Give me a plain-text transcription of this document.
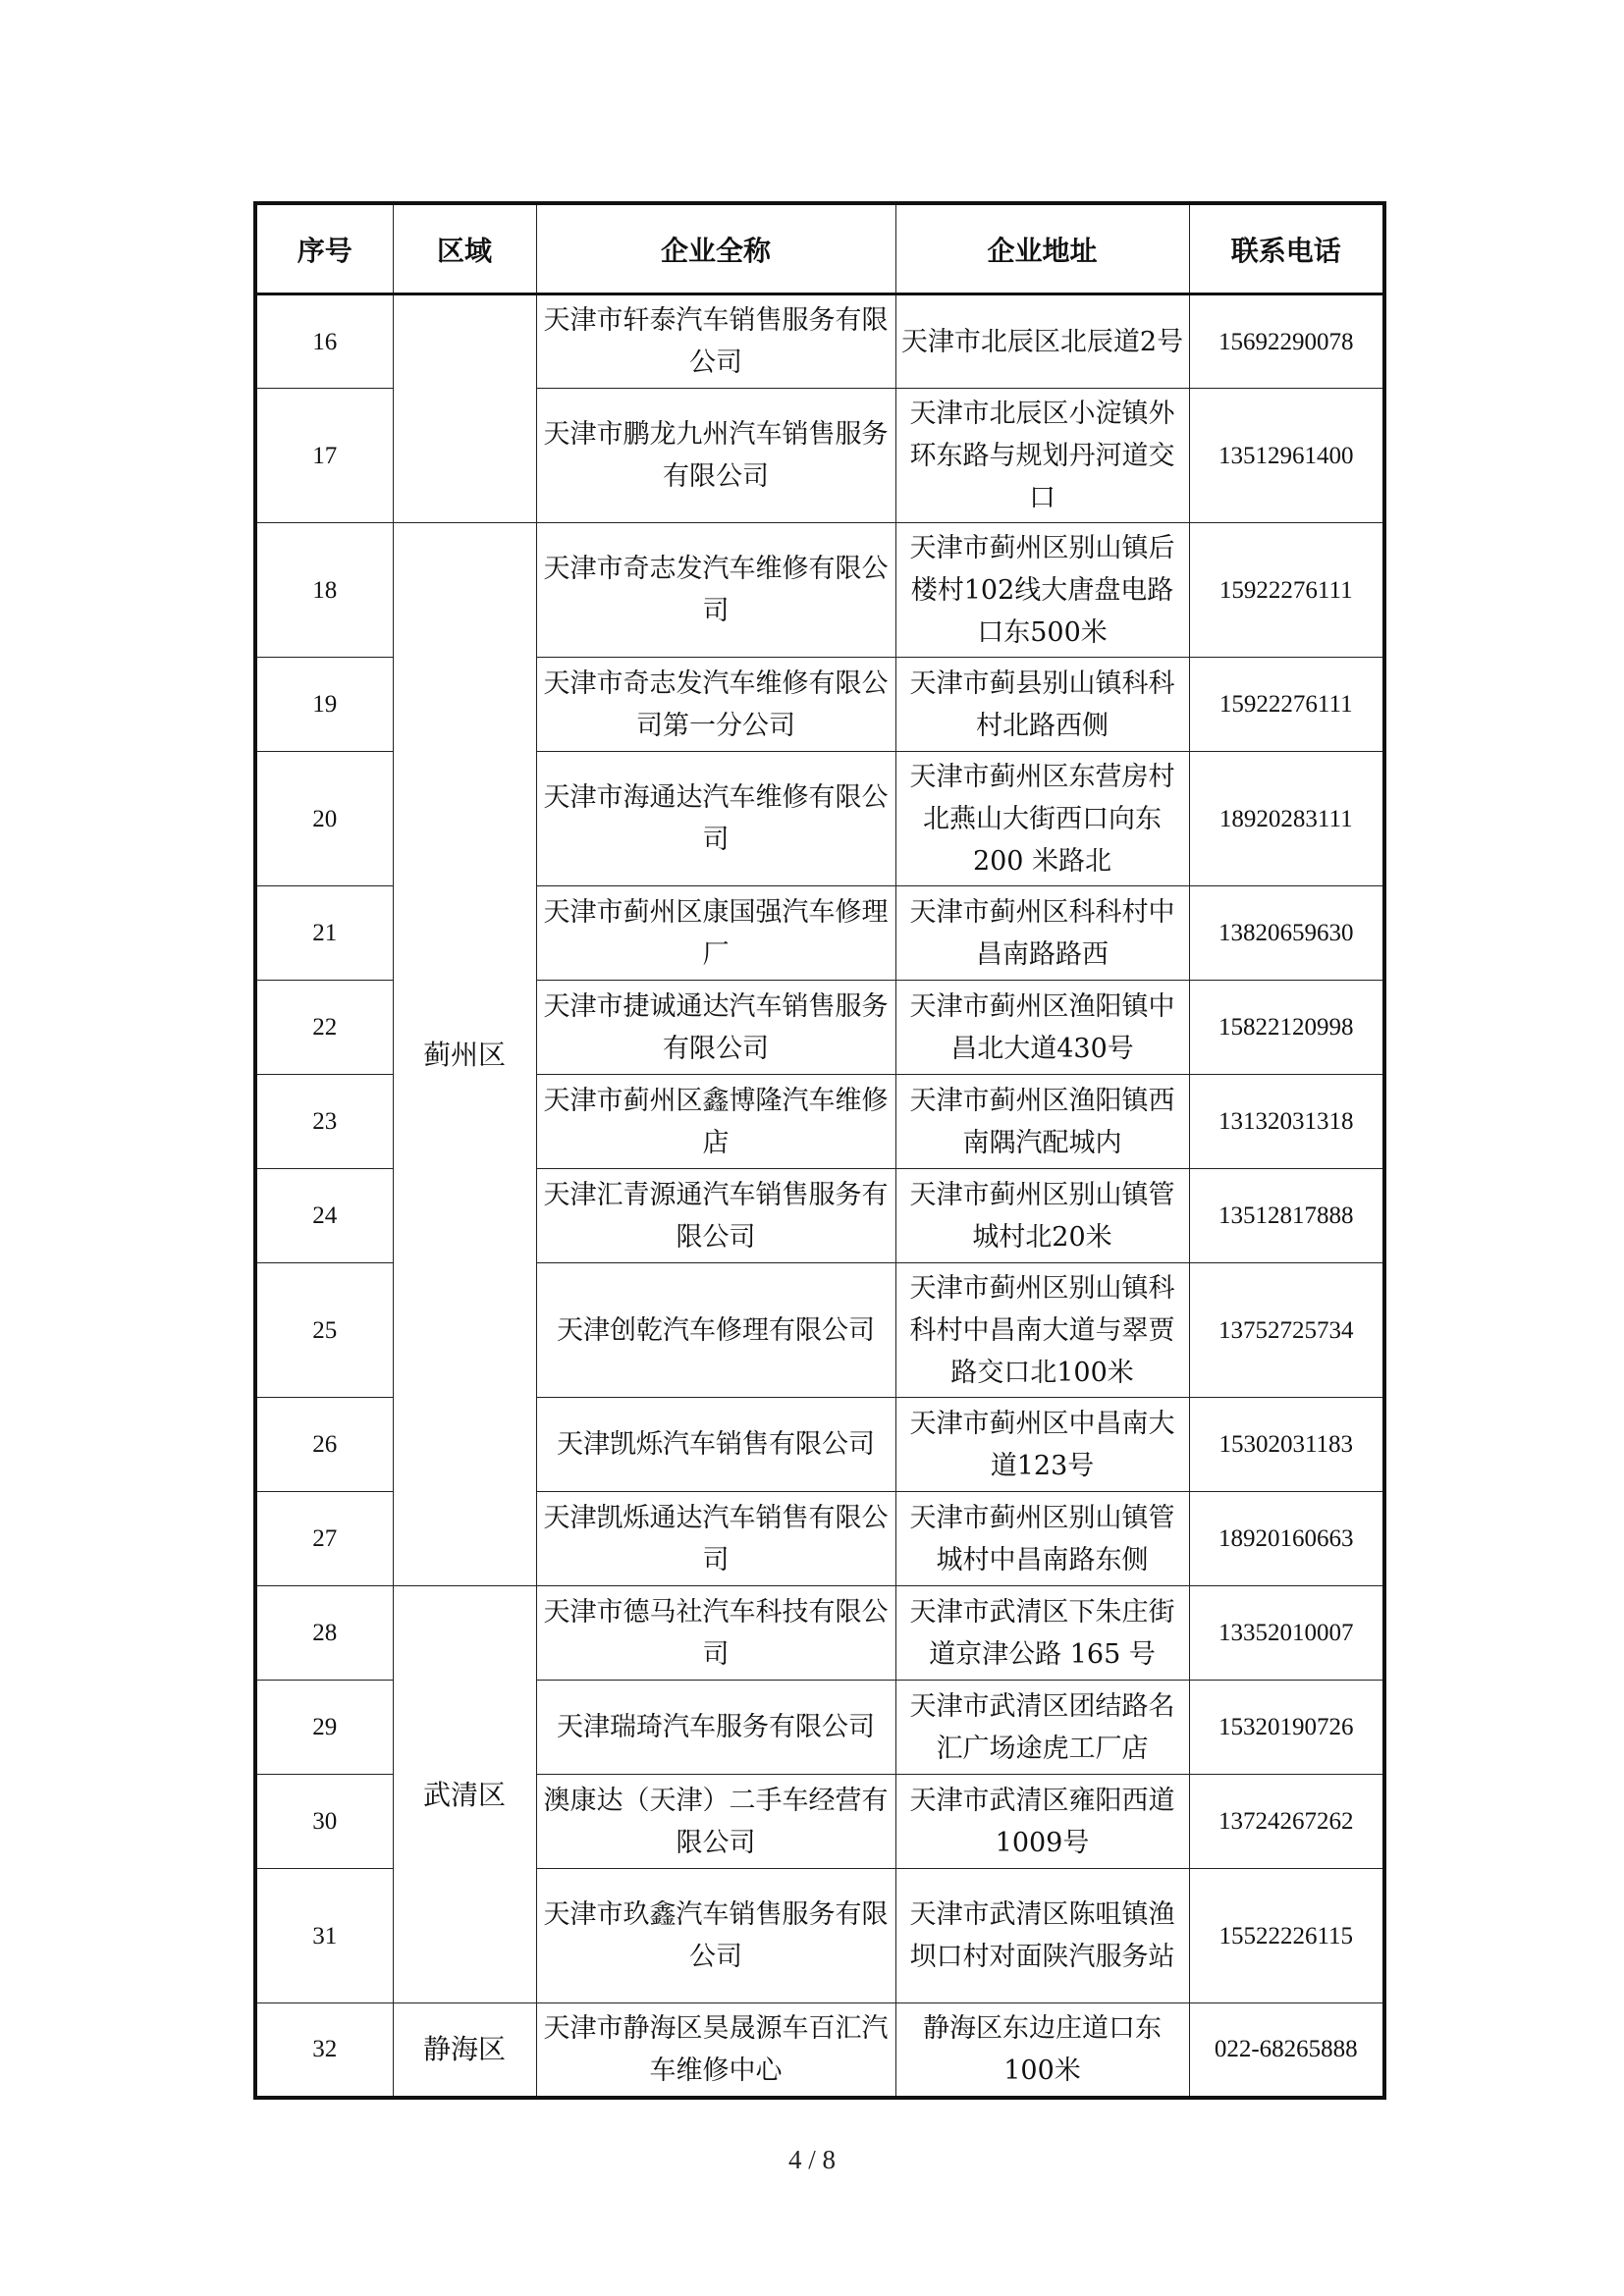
序号	区域	企业全称	企业地址	联系电话
16		天津市轩泰汽车销售服务有限公司	天津市北辰区北辰道2号	15692290078
17		天津市鹏龙九州汽车销售服务有限公司	天津市北辰区小淀镇外环东路与规划丹河道交口	13512961400
18	蓟州区	天津市奇志发汽车维修有限公司	天津市蓟州区别山镇后楼村102线大唐盘电路口东500米	15922276111
19		天津市奇志发汽车维修有限公司第一分公司	天津市蓟县别山镇科科村北路西侧	15922276111
20		天津市海通达汽车维修有限公司	天津市蓟州区东营房村北燕山大街西口向东 200 米路北	18920283111
21		天津市蓟州区康国强汽车修理厂	天津市蓟州区科科村中昌南路路西	13820659630
22		天津市捷诚通达汽车销售服务有限公司	天津市蓟州区渔阳镇中昌北大道430号	15822120998
23		天津市蓟州区鑫博隆汽车维修店	天津市蓟州区渔阳镇西南隅汽配城内	13132031318
24		天津汇青源通汽车销售服务有限公司	天津市蓟州区别山镇管城村北20米	13512817888
25		天津创乾汽车修理有限公司	天津市蓟州区别山镇科科村中昌南大道与翠贾路交口北100米	13752725734
26		天津凯烁汽车销售有限公司	天津市蓟州区中昌南大道123号	15302031183
27		天津凯烁通达汽车销售有限公司	天津市蓟州区别山镇管城村中昌南路东侧	18920160663
28	武清区	天津市德马社汽车科技有限公司	天津市武清区下朱庄街道京津公路 165 号	13352010007
29		天津瑞琦汽车服务有限公司	天津市武清区团结路名汇广场途虎工厂店	15320190726
30		澳康达（天津）二手车经营有限公司	天津市武清区雍阳西道1009号	13724267262
31		天津市玖鑫汽车销售服务有限公司	天津市武清区陈咀镇渔坝口村对面陕汽服务站	15522226115
32	静海区	天津市静海区昊晟源车百汇汽车维修中心	静海区东边庄道口东100米	022-68265888
4 / 8
